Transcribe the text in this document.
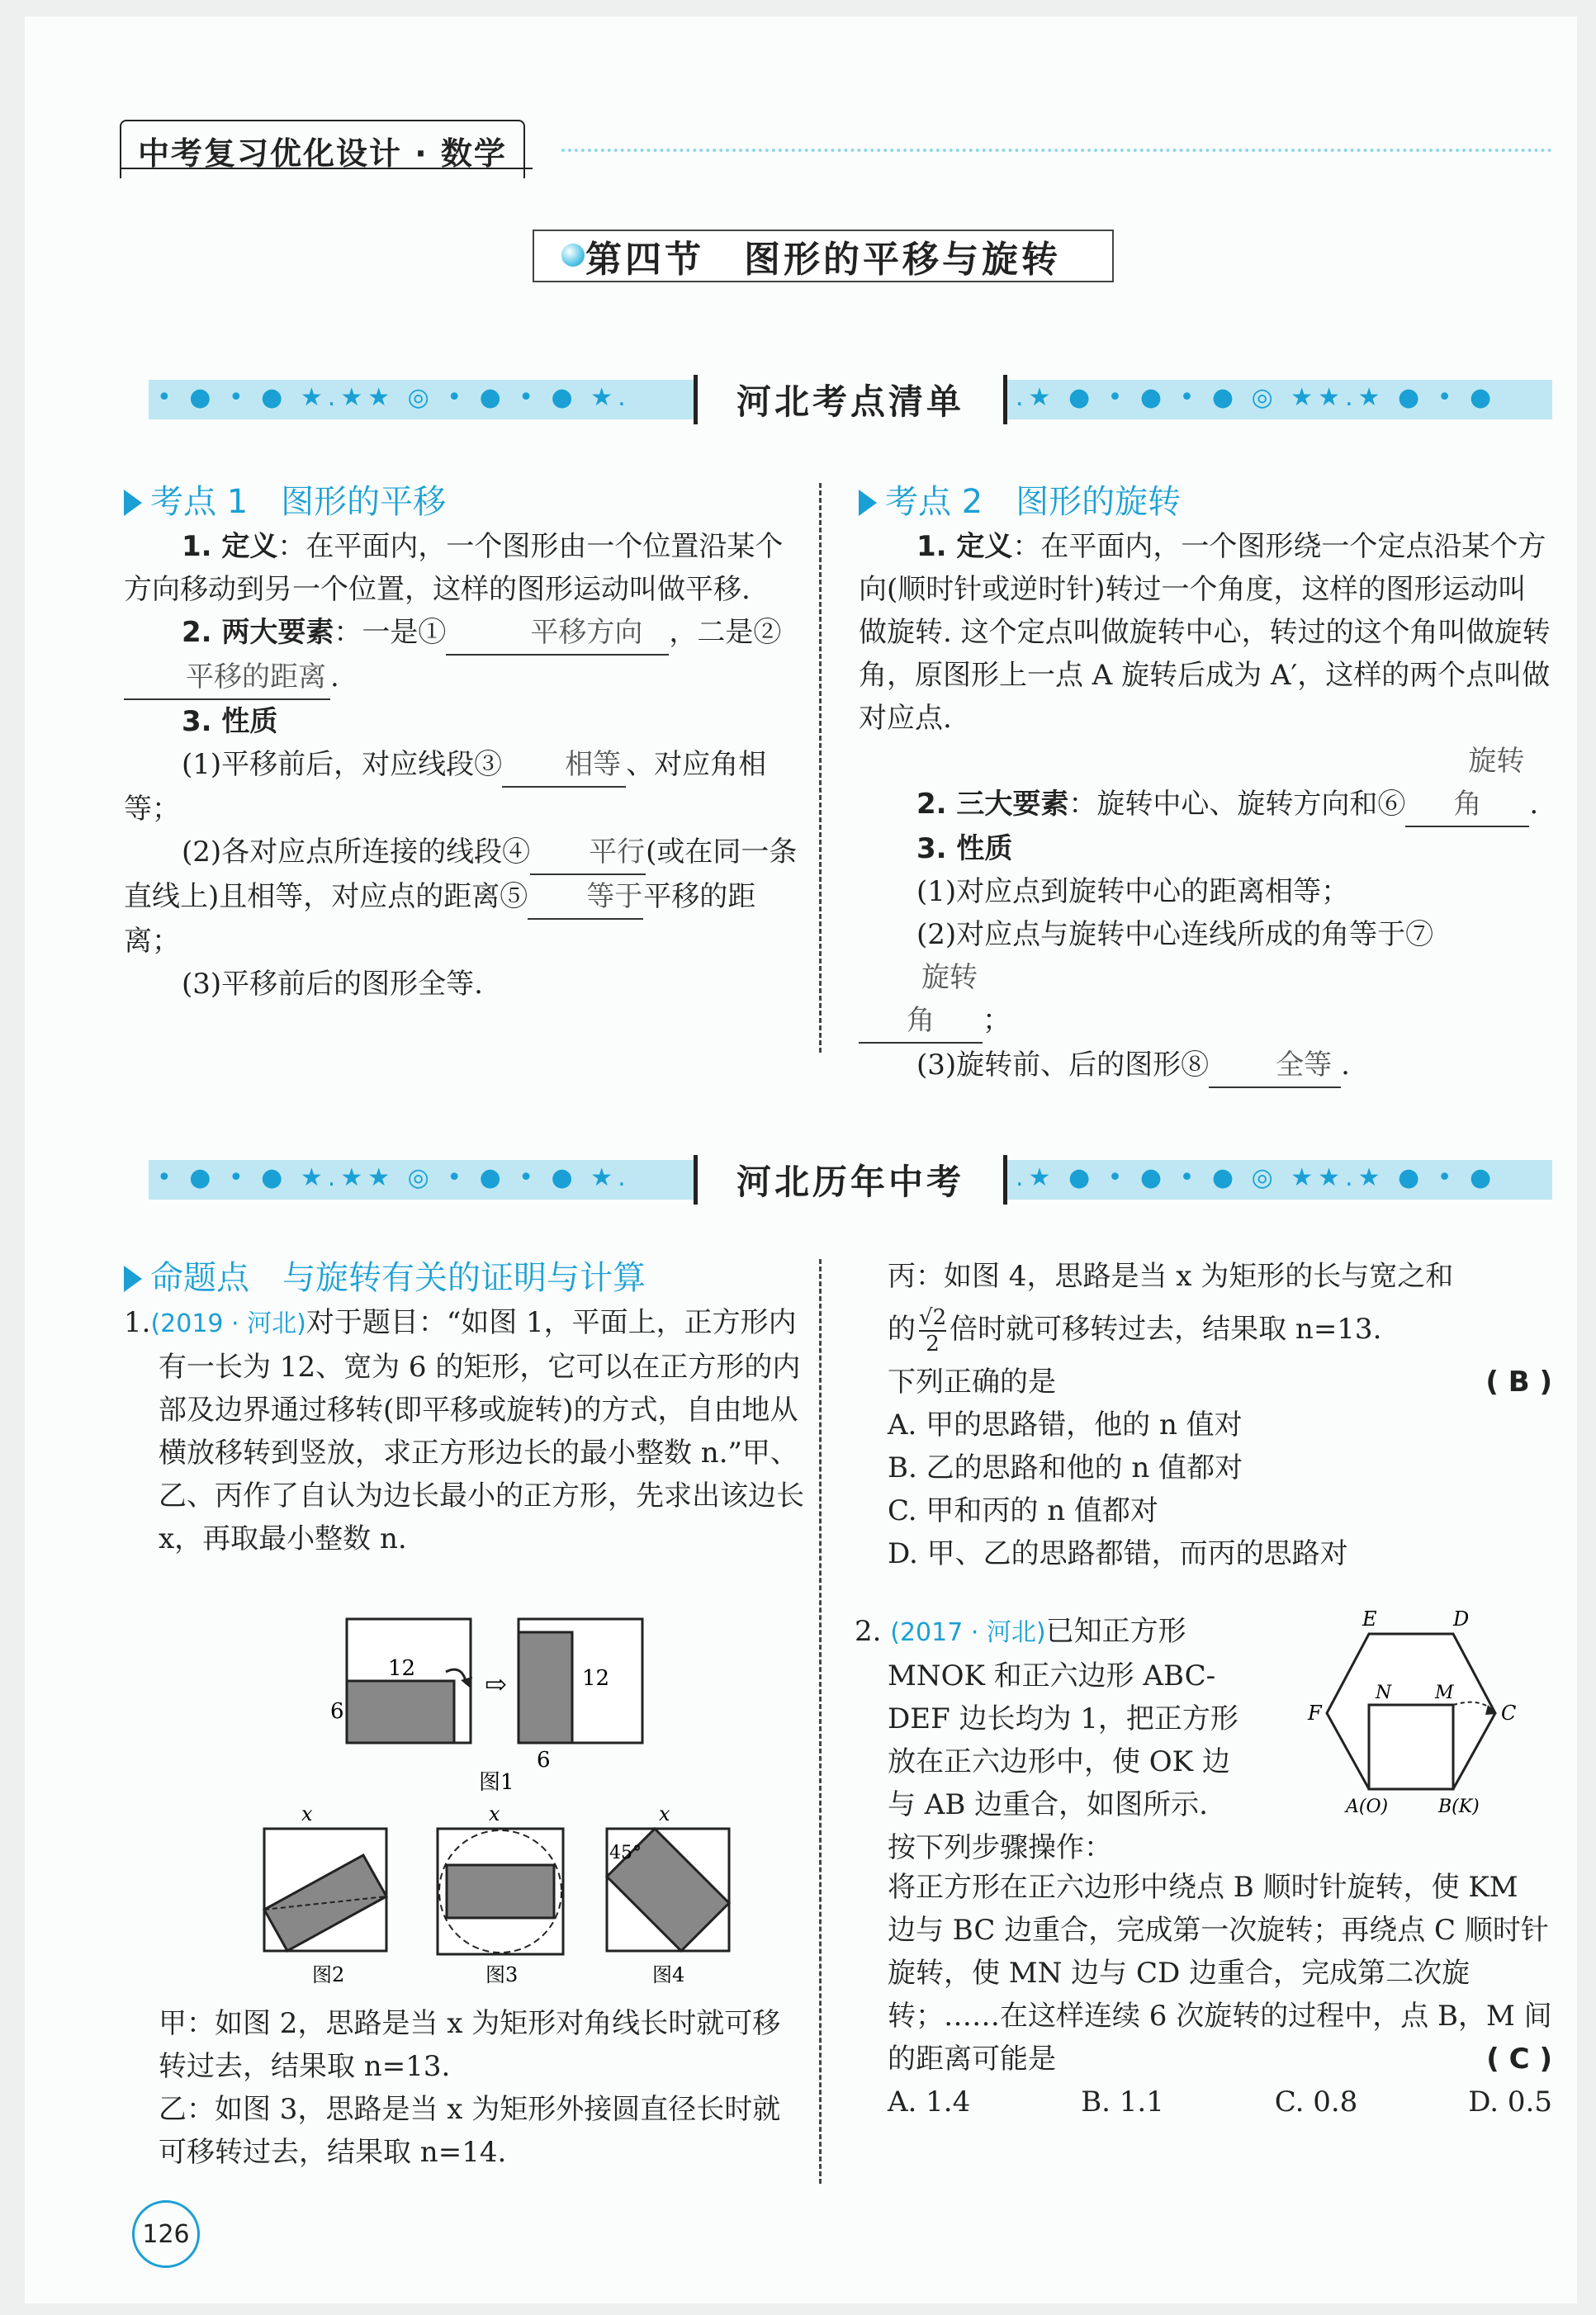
中考复习优化设计 · 数学
第四节　图形的平移与旋转
• ● • ● ★.★★ ◎ • ● • ● ★.	河北考点清单	.★ ● • ● • ● ◎ ★★.★ ● • ●
考点 1　图形的平移

1. 定义：在平面内，一个图形由一个位置沿某个方向移动到另一个位置，这样的图形运动叫做平移.

2. 两大要素：一是①	平移方向 ，二是②平移的距离 .

3. 性质

(1)平移前后，对应线段③ 相等 、对应角相等；

(2)各对应点所连接的线段④ 平行(或在同一条直线上)且相等，对应点的距离⑤ 等于平移的距离；

(3)平移前后的图形全等.

考点 2　图形的旋转

1. 定义：在平面内，一个图形绕一个定点沿某个方向(顺时针或逆时针)转过一个角度，这样的图形运动叫做旋转. 这个定点叫做旋转中心，转过的这个角叫做旋转角，原图形上一点 A 旋转后成为 A′，这样的两个点叫做对应点.

2. 三大要素：旋转中心、旋转方向和⑥旋转角 .

3. 性质

(1)对应点到旋转中心的距离相等；

(2)对应点与旋转中心连线所成的角等于⑦旋转角 ；

(3)旋转前、后的图形⑧ 全等 .

• ● • ● ★.★★ ◎ • ● • ● ★.	河北历年中考	.★ ● • ● • ● ◎ ★★.★ ● • ●
命题点　与旋转有关的证明与计算

1.(2019 · 河北)对于题目：“如图 1，平面上，正方形内有一长为 12、宽为 6 的矩形，它可以在正方形的内部及边界通过移转(即平移或旋转)的方式，自由地从横放移转到竖放，求正方形边长的最小整数 n.”甲、乙、丙作了自认为边长最小的正方形，先求出该边长 x，再取最小整数 n.

12
6
⇨	12
6
图1
x
图2
x
图3
x
45°
图4

甲：如图 2，思路是当 x 为矩形对角线长时就可移转过去，结果取 n=13.

乙：如图 3，思路是当 x 为矩形外接圆直径长时就可移转过去，结果取 n=14.

丙：如图 4，思路是当 x 为矩形的长与宽之和

的 $\frac{√2}{2}$ 倍时就可移转过去，结果取 n=13.

下列正确的是	( B )

A. 甲的思路错，他的 n 值对

B. 乙的思路和他的 n 值都对

C. 甲和丙的 n 值都对

D. 甲、乙的思路都错，而丙的思路对

2. (2017 · 河北)已知正方形

MNOK 和正六边形 ABC-

DEF 边长均为 1，把正方形

放在正六边形中，使 OK 边

与 AB 边重合，如图所示.

按下列步骤操作：

E	D
F	C
N M
A(O)	B(K)

将正方形在正六边形中绕点 B 顺时针旋转，使 KM 边与 BC 边重合，完成第一次旋转；再绕点 C 顺时针旋转，使 MN 边与 CD 边重合，完成第二次旋转；……在这样连续 6 次旋转的过程中，点 B，M 间的距离可能是	( C )

A. 1.4	B. 1.1	C. 0.8	D. 0.5

126
